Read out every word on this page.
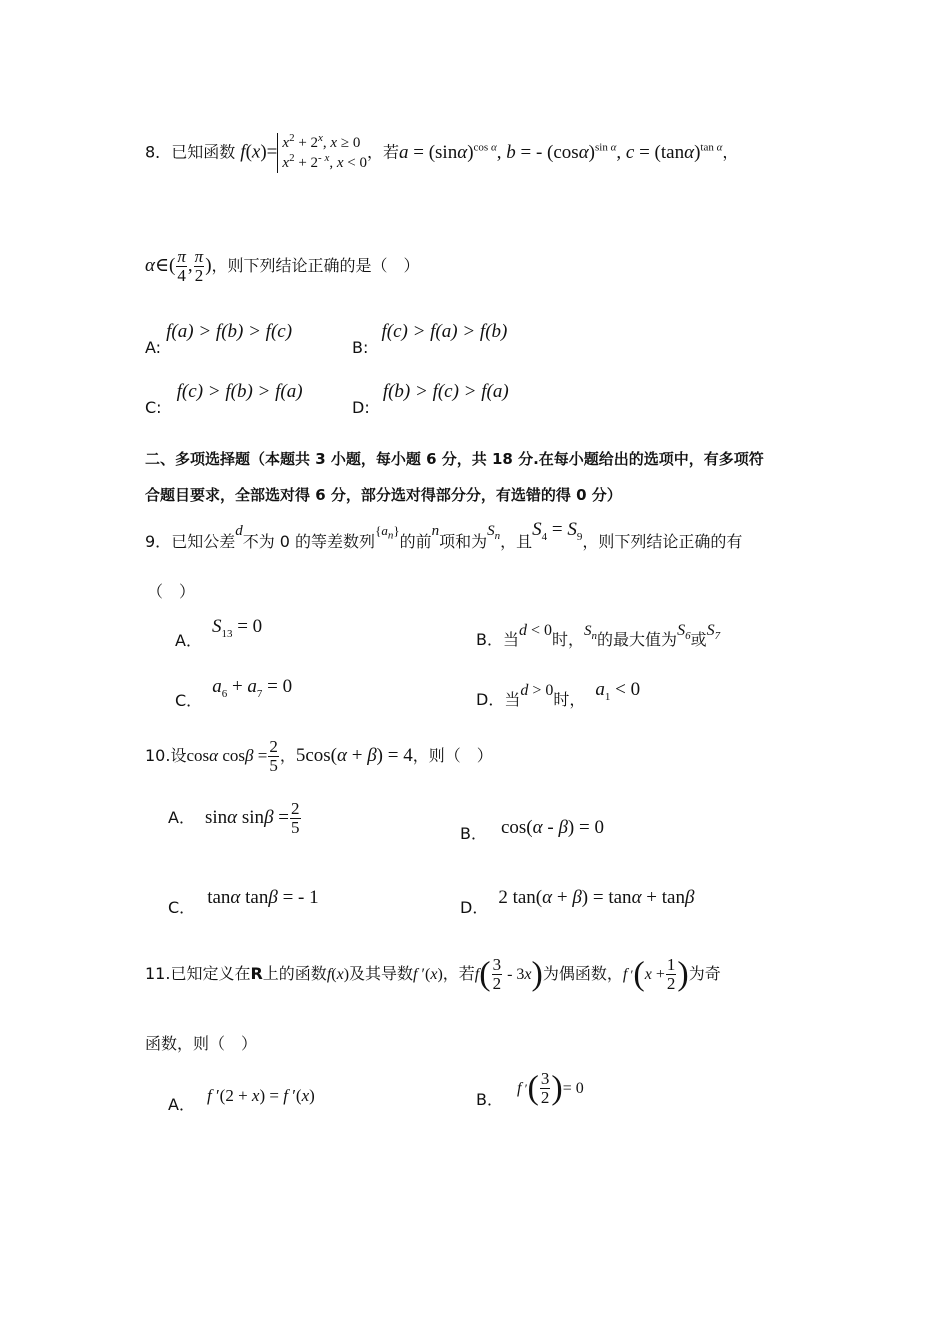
8．已知函数 $f(x)= x^2 + 2^x$, x ≥ 0
$x^2 + 2^{- x}$, x < 0，若$a = (\sin\alpha)^{cos \alpha}$, b = - $(\cos\alpha)^{sin \alpha}$, $c = (\tan\alpha)^{tan \alpha}$，
α∈( $\frac{\pi}{4}$ , $\frac{\pi}{2}$ )，则下列结论正确的是（　）
A: f(a) > f(b) > f(c)
B: f(c) > f(a) > f(b)
C: f(c) > f(b) > f(a)
D: f(b) > f(c) > f(a)
二、多项选择题（本题共 3 小题，每小题 6 分，共 18 分.在每小题给出的选项中，有多项符
合题目要求，全部选对得 6 分，部分选对得部分分，有选错的得 0 分）
9．已知公差d不为 0 的等差数列$\{a_n\}$的前n项和为$S_n$，且$S_4 = S_9$，则下列结论正确的有
（　）
A．$S_{13} = 0$
B．当d < 0时，$S_n$的最大值为$S_6$或$S_7$
C．$a_6 + a_7 = 0$
D．当d > 0时， $a_1 < 0$
10.设cosα $\cos\beta = \frac{2}{5}$ ，5cos(α + β) = 4，则（　）
A． sinα $\sin\beta = \frac{2}{5}$	B． cos(α - β) = 0
C． tanα tanβ = - 1	D． 2 tan(α + β) = tanα + tanβ
11.已知定义在R上的函数f(x)及其导数f ′(x)，若$f( \frac{3}{2} - 3x)$为偶函数，f $'(x + \frac{1}{2}$ )为奇
函数，则（　）
A． f ′(2 + x) = f ′(x)	B．f ′( $\frac{3}{2}$ )= 0
